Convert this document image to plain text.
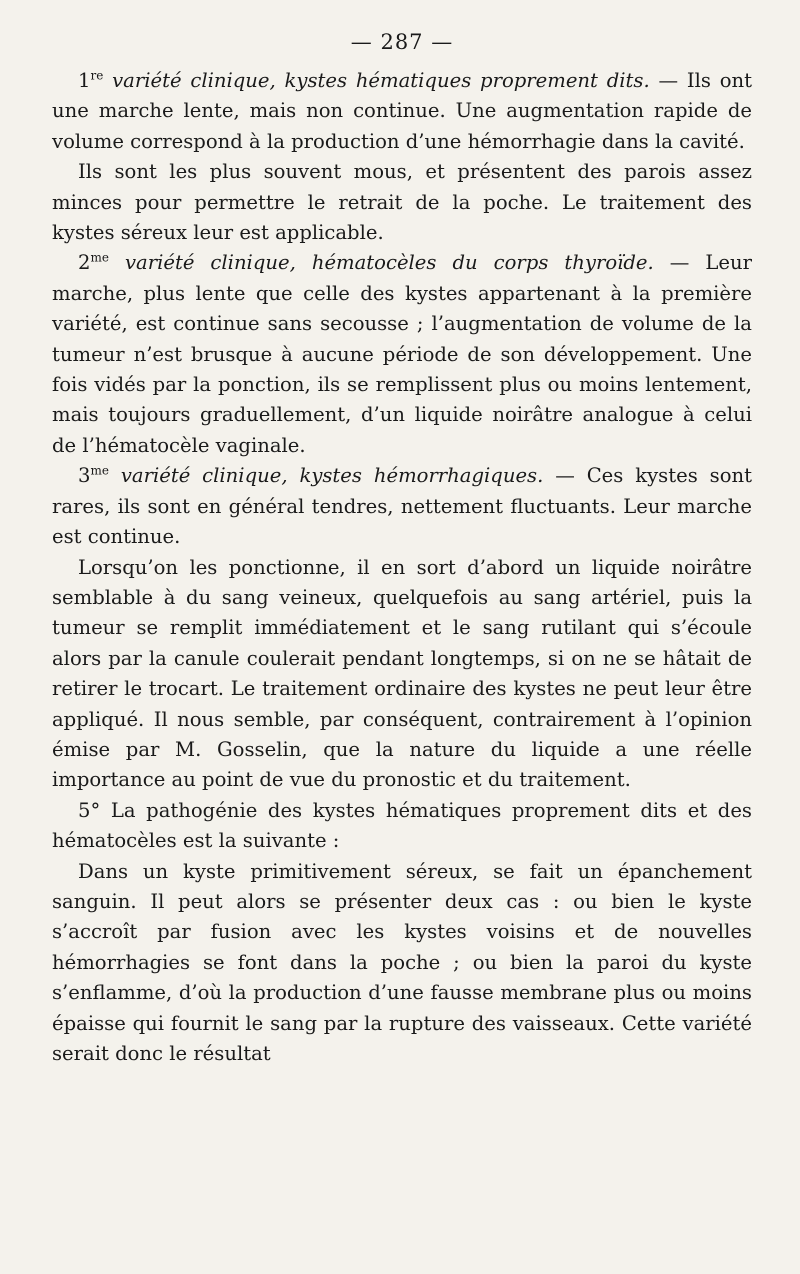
— 287 —

1re variété clinique, kystes hématiques proprement dits. — Ils ont une marche lente, mais non continue. Une augmentation rapide de volume correspond à la production d’une hémorrhagie dans la cavité.

Ils sont les plus souvent mous, et présentent des parois assez minces pour permettre le retrait de la poche. Le traitement des kystes séreux leur est applicable.

$2^{me}$ variété clinique, hématocèles du corps thyroïde. — Leur marche, plus lente que celle des kystes appartenant à la première variété, est continue sans secousse ; l’augmentation de volume de la tumeur n’est brusque à aucune période de son développement. Une fois vidés par la ponction, ils se remplissent plus ou moins lentement, mais toujours graduellement, d’un liquide noirâtre analogue à celui de l’hématocèle vaginale.

$3^{me}$ variété clinique, kystes hémorrhagiques. — Ces kystes sont rares, ils sont en général tendres, nettement fluctuants. Leur marche est continue.

Lorsqu’on les ponctionne, il en sort d’abord un liquide noirâtre semblable à du sang veineux, quelquefois au sang artériel, puis la tumeur se remplit immédiatement et le sang rutilant qui s’écoule alors par la canule coulerait pendant longtemps, si on ne se hâtait de retirer le trocart. Le traitement ordinaire des kystes ne peut leur être appliqué. Il nous semble, par conséquent, contrairement à l’opinion émise par M. Gosselin, que la nature du liquide a une réelle importance au point de vue du pronostic et du traitement.

5° La pathogénie des kystes hématiques proprement dits et des hématocèles est la suivante :

Dans un kyste primitivement séreux, se fait un épanchement sanguin. Il peut alors se présenter deux cas : ou bien le kyste s’accroît par fusion avec les kystes voisins et de nouvelles hémorrhagies se font dans la poche ; ou bien la paroi du kyste s’enflamme, d’où la production d’une fausse membrane plus ou moins épaisse qui fournit le sang par la rupture des vaisseaux. Cette variété serait donc le résultat
